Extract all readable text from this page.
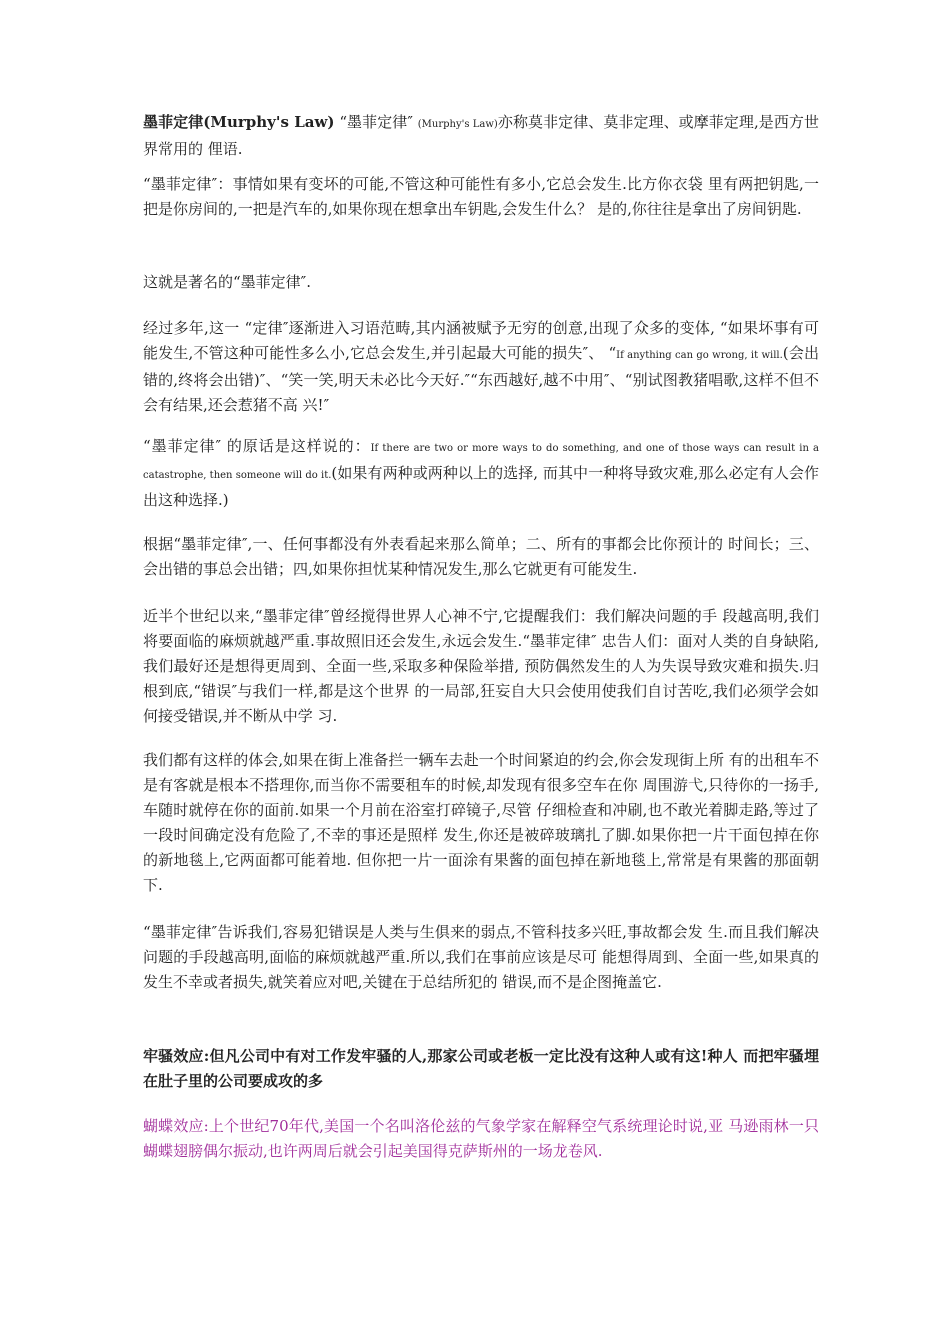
墨菲定律(Murphy's Law) “墨菲定律″ (Murphy's Law)亦称莫非定律、莫非定理、或摩菲定理,是西方世界常用的 俚语.

“墨菲定律″：事情如果有变坏的可能,不管这种可能性有多小,它总会发生.比方你衣袋 里有两把钥匙,一把是你房间的,一把是汽车的,如果你现在想拿出车钥匙,会发生什么？ 是的,你往往是拿出了房间钥匙.

这就是著名的“墨菲定律″.

经过多年,这一 “定律″逐渐进入习语范畴,其内涵被赋予无穷的创意,出现了众多的变体, “如果坏事有可能发生,不管这种可能性多么小,它总会发生,并引起最大可能的损失″、 “If anything can go wrong, it will.(会出错的,终将会出错)″、“笑一笑,明天未必比今天好.″“东西越好,越不中用″、“别试图教猪唱歌,这样不但不会有结果,还会惹猪不高 兴!″

“墨菲定律″ 的原话是这样说的：If there are two or more ways to do something, and one of those ways can result in a catastrophe, then someone will do it.(如果有两种或两种以上的选择, 而其中一种将导致灾难,那么必定有人会作出这种选择.)

根据“墨菲定律″,一、任何事都没有外表看起来那么简单；二、所有的事都会比你预计的 时间长；三、会出错的事总会出错；四,如果你担忧某种情况发生,那么它就更有可能发生.

近半个世纪以来,“墨菲定律″曾经搅得世界人心神不宁,它提醒我们：我们解决问题的手 段越高明,我们将要面临的麻烦就越严重.事故照旧还会发生,永远会发生.“墨菲定律″ 忠告人们：面对人类的自身缺陷,我们最好还是想得更周到、全面一些,采取多种保险举措, 预防偶然发生的人为失误导致灾难和损失.归根到底,“错误″与我们一样,都是这个世界 的一局部,狂妄自大只会使用使我们自讨苦吃,我们必须学会如何接受错误,并不断从中学 习.

我们都有这样的体会,如果在街上准备拦一辆车去赴一个时间紧迫的约会,你会发现街上所 有的出租车不是有客就是根本不搭理你,而当你不需要租车的时候,却发现有很多空车在你 周围游弋,只待你的一扬手,车随时就停在你的面前.如果一个月前在浴室打碎镜子,尽管 仔细检查和冲刷,也不敢光着脚走路,等过了一段时间确定没有危险了,不幸的事还是照样 发生,你还是被碎玻璃扎了脚.如果你把一片干面包掉在你的新地毯上,它两面都可能着地. 但你把一片一面涂有果酱的面包掉在新地毯上,常常是有果酱的那面朝下.

“墨菲定律″告诉我们,容易犯错误是人类与生俱来的弱点,不管科技多兴旺,事故都会发 生.而且我们解决问题的手段越高明,面临的麻烦就越严重.所以,我们在事前应该是尽可 能想得周到、全面一些,如果真的发生不幸或者损失,就笑着应对吧,关键在于总结所犯的 错误,而不是企图掩盖它.

牢骚效应:但凡公司中有对工作发牢骚的人,那家公司或老板一定比没有这种人或有这!种人 而把牢骚埋在肚子里的公司要成攻的多

蝴蝶效应:上个世纪70年代,美国一个名叫洛伦兹的气象学家在解释空气系统理论时说,亚 马逊雨林一只蝴蝶翅膀偶尔振动,也许两周后就会引起美国得克萨斯州的一场龙卷风.
